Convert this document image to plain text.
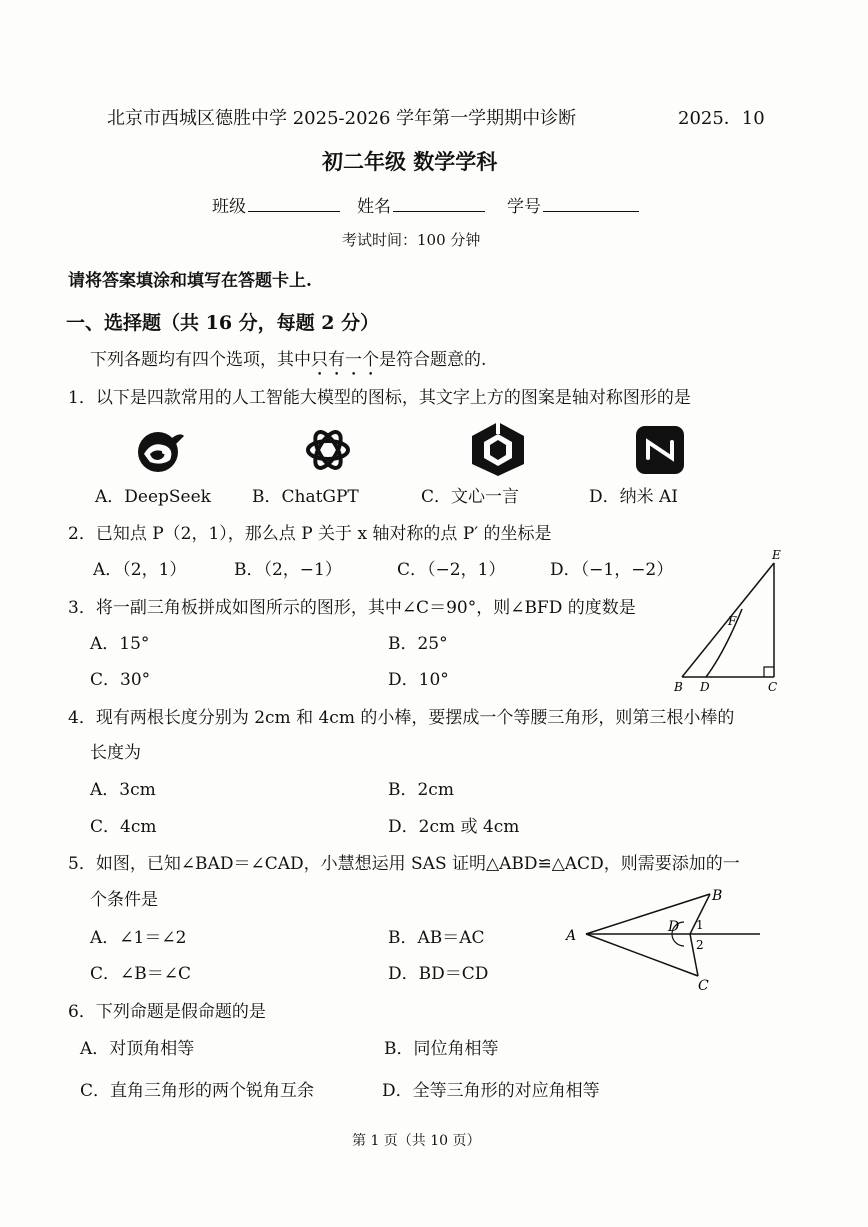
北京市西城区德胜中学 2025-2026 学年第一学期期中诊断	2025．10
初二年级 数学学科
班级	姓名	学号
考试时间：100 分钟
请将答案填涂和填写在答题卡上.
一、选择题（共 16 分，每题 2 分）
下列各题均有四个选项，其中只有一个是符合题意的.
1．以下是四款常用的人工智能大模型的图标，其文字上方的图案是轴对称图形的是
A．DeepSeek B．ChatGPT	C．文心一言	D．纳米 AI
2．已知点 P（2，1），那么点 P 关于 x 轴对称的点 P′ 的坐标是
A．（2，1）	B．（2，−1）	C．（−2，1）	D．（−1，−2）
3．将一副三角板拼成如图所示的图形，其中∠C＝90°，则∠BFD 的度数是
A．15°	B．25°
C．30°	D．10°
E
F
B D	C
4．现有两根长度分别为 2cm 和 4cm 的小棒，要摆成一个等腰三角形，则第三根小棒的
长度为
A．3cm	B．2cm
C．4cm	D．2cm 或 4cm
5．如图，已知∠BAD＝∠CAD，小慧想运用 SAS 证明△ABD≌△ACD，则需要添加的一
个条件是
A．∠1＝∠2	B．AB＝AC
C．∠B＝∠C	D．BD＝CD
A
B
C
D 1
2
6．下列命题是假命题的是
A．对顶角相等	B．同位角相等
C．直角三角形的两个锐角互余	D．全等三角形的对应角相等
第 1 页（共 10 页）
